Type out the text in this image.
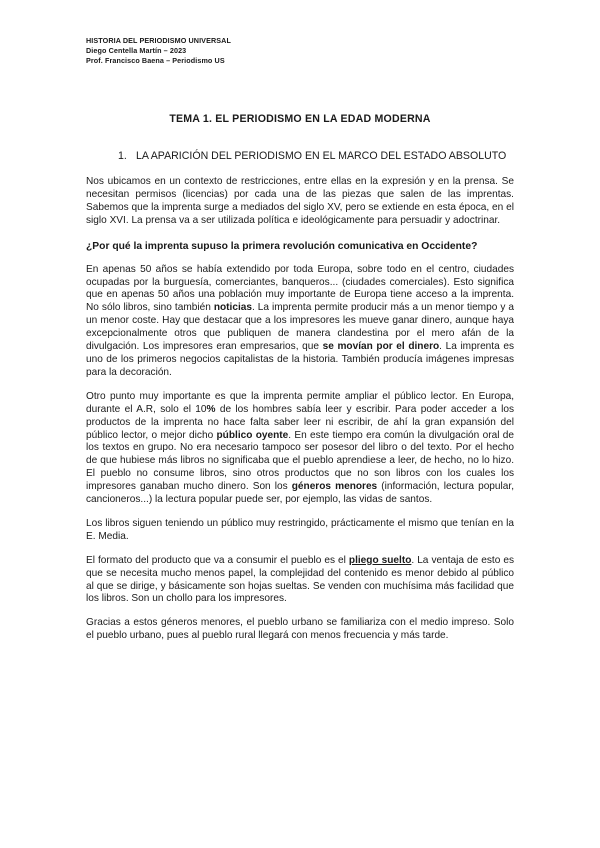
HISTORIA DEL PERIODISMO UNIVERSAL
Diego Centella Martín – 2023
Prof. Francisco Baena – Periodismo US
TEMA 1. EL PERIODISMO EN LA EDAD MODERNA
1. LA APARICIÓN DEL PERIODISMO EN EL MARCO DEL ESTADO ABSOLUTO

Nos ubicamos en un contexto de restricciones, entre ellas en la expresión y en la prensa. Se necesitan permisos (licencias) por cada una de las piezas que salen de las imprentas. Sabemos que la imprenta surge a mediados del siglo XV, pero se extiende en esta época, en el siglo XVI. La prensa va a ser utilizada política e ideológicamente para persuadir y adoctrinar.

¿Por qué la imprenta supuso la primera revolución comunicativa en Occidente?

En apenas 50 años se había extendido por toda Europa, sobre todo en el centro, ciudades ocupadas por la burguesía, comerciantes, banqueros... (ciudades comerciales). Esto significa que en apenas 50 años una población muy importante de Europa tiene acceso a la imprenta. No sólo libros, sino también noticias. La imprenta permite producir más a un menor tiempo y a un menor coste. Hay que destacar que a los impresores les mueve ganar dinero, aunque haya excepcionalmente otros que publiquen de manera clandestina por el mero afán de la divulgación. Los impresores eran empresarios, que se movían por el dinero. La imprenta es uno de los primeros negocios capitalistas de la historia. También producía imágenes impresas para la decoración.

Otro punto muy importante es que la imprenta permite ampliar el público lector. En Europa, durante el A.R, solo el 10% de los hombres sabía leer y escribir. Para poder acceder a los productos de la imprenta no hace falta saber leer ni escribir, de ahí la gran expansión del público lector, o mejor dicho público oyente. En este tiempo era común la divulgación oral de los textos en grupo. No era necesario tampoco ser posesor del libro o del texto. Por el hecho de que hubiese más libros no significaba que el pueblo aprendiese a leer, de hecho, no lo hizo. El pueblo no consume libros, sino otros productos que no son libros con los cuales los impresores ganaban mucho dinero. Son los géneros menores (información, lectura popular, cancioneros...) la lectura popular puede ser, por ejemplo, las vidas de santos.

Los libros siguen teniendo un público muy restringido, prácticamente el mismo que tenían en la E. Media.

El formato del producto que va a consumir el pueblo es el pliego suelto. La ventaja de esto es que se necesita mucho menos papel, la complejidad del contenido es menor debido al público al que se dirige, y básicamente son hojas sueltas. Se venden con muchísima más facilidad que los libros. Son un chollo para los impresores.

Gracias a estos géneros menores, el pueblo urbano se familiariza con el medio impreso. Solo el pueblo urbano, pues al pueblo rural llegará con menos frecuencia y más tarde.
